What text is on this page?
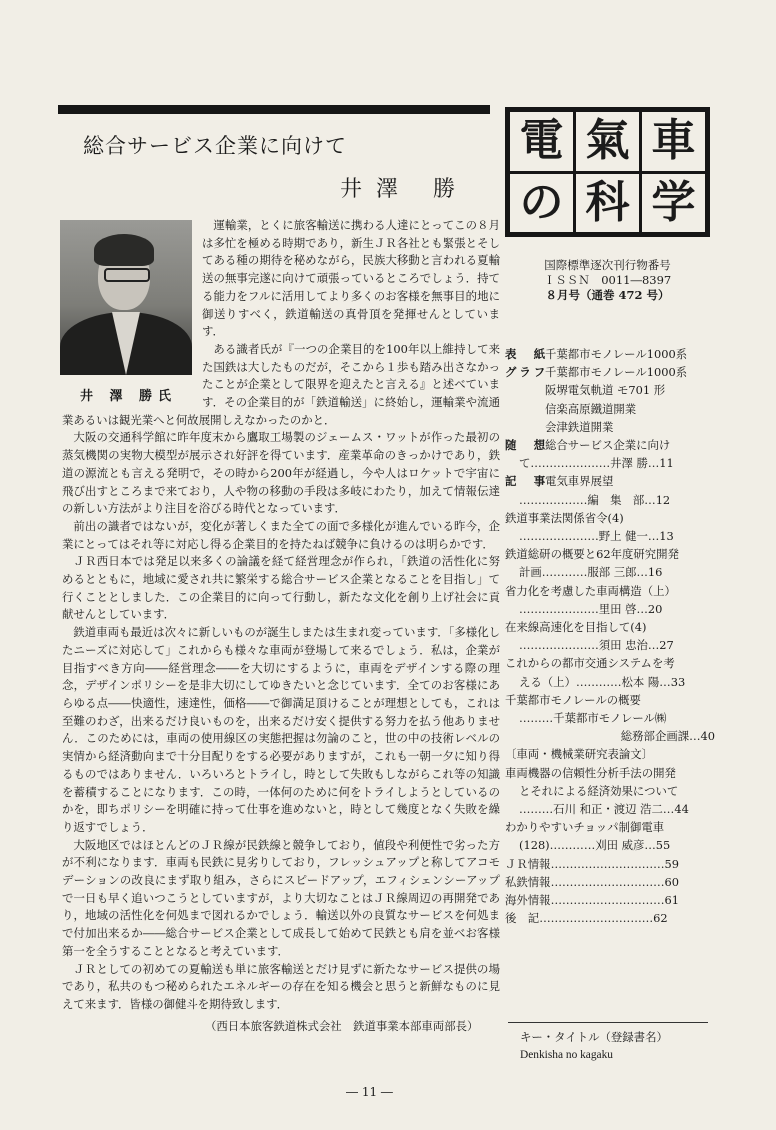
総合サービス企業に向けて
井澤 勝
井 澤 勝氏

運輸業，とくに旅客輸送に携わる人達にとってこの８月は多忙を極める時期であり，新生ＪＲ各社とも緊張とそしてある種の期待を秘めながら，民族大移動と言われる夏輸送の無事完遂に向けて頑張っているところでしょう．持てる能力をフルに活用してより多くのお客様を無事目的地に御送りすべく，鉄道輸送の真骨頂を発揮せんとしています．

ある識者氏が『一つの企業目的を100年以上維持して来た国鉄は大したものだが，そこから１歩も踏み出さなかったことが企業として限界を迎えたと言える』と述べています．その企業目的が「鉄道輸送」に終始し，運輸業や流通業あるいは観光業へと何故展開しえなかったのかと．

大阪の交通科学館に昨年度末から鷹取工場製のジェームス・ワットが作った最初の蒸気機関の実物大模型が展示され好評を得ています．産業革命のきっかけであり，鉄道の源流とも言える発明で，その時から200年が経過し，今や人はロケットで宇宙に飛び出すところまで来ており，人や物の移動の手段は多岐にわたり，加えて情報伝達の新しい方法がより注目を浴びる時代となっています．

前出の識者ではないが，変化が著しくまた全ての面で多様化が進んでいる昨今，企業にとってはそれ等に対応し得る企業目的を持たねば競争に負けるのは明らかです．

ＪＲ西日本では発足以来多くの論議を経て経営理念が作られ，「鉄道の活性化に努めるとともに，地域に愛され共に繁栄する総合サービス企業となることを目指し」て行くこととしました．この企業目的に向って行動し，新たな文化を創り上げ社会に貢献せんとしています．

鉄道車両も最近は次々に新しいものが誕生しまたは生まれ変っています．「多様化したニーズに対応して」これからも様々な車両が登場して来るでしょう．私は，企業が目指すべき方向――経営理念――を大切にするように，車両をデザインする際の理念，デザインポリシーを是非大切にしてゆきたいと念じています．全てのお客様にあらゆる点――快適性，速達性，価格――で御満足頂けることが理想としても，これは至難のわざ，出来るだけ良いものを，出来るだけ安く提供する努力を払う他ありません．このためには，車両の使用線区の実態把握は勿論のこと，世の中の技術レベルの実情から経済動向まで十分目配りをする必要がありますが，これも一朝一夕に知り得るものではありません．いろいろとトライし，時として失敗もしながらこれ等の知識を蓄積することになります．この時，一体何のために何をトライしようとしているのかを，即ちポリシーを明確に持って仕事を進めないと，時として幾度となく失敗を繰り返すでしょう．

大阪地区ではほとんどのＪＲ線が民鉄線と競争しており，値段や利便性で劣った方が不利になります．車両も民鉄に見劣りしており，フレッシュアップと称してアコモデーションの改良にまず取り組み，さらにスピードアップ，エフィシェンシーアップで一日も早く追いつこうとしていますが，より大切なことはＪＲ線周辺の再開発であり，地域の活性化を何処まで図れるかでしょう．輸送以外の良質なサービスを何処まで付加出来るか――総合サービス企業として成長して始めて民鉄とも肩を並べお客様第一を全うすることとなると考えています．

ＪＲとしての初めての夏輸送も単に旅客輸送とだけ見ずに新たなサービス提供の場であり，私共のもつ秘められたエネルギーの存在を知る機会と思うと新鮮なものに見えて来ます．皆様の御健斗を期待致します．

（西日本旅客鉄道株式会社　鉄道事業本部車両部長）
― 11 ―
電 氣 車
の 科 学
国際標準逐次刊行物番号
ＩＳＳＮ　0011―8397
８月号（通巻 472 号）
表　紙
千葉都市モノレール1000系
グラフ
千葉都市モノレール1000系
阪堺電気軌道 モ701 形
信楽高原鐵道開業
会津鉄道開業
随　想
総合サービス企業に向け
て…………………井澤 勝…11
記　事
電気車界展望
………………編　集　部…12
鉄道事業法関係省令(4)
…………………野上 健一…13
鉄道総研の概要と62年度研究開発
計画…………服部 三郎…16
省力化を考慮した車両構造（上）
…………………里田 啓…20
在来線高速化を目指して(4)
…………………須田 忠治…27
これからの都市交通システムを考
える（上）…………松本 陽…33
千葉都市モノレールの概要
………千葉都市モノレール㈱
総務部企画課…40
〔車両・機械業研究表論文〕
車両機器の信頼性分析手法の開発
とそれによる経済効果について
………石川 和正・渡辺 浩二…44
わかりやすいチョッパ制御電車
(128) …………刈田 威彦…55
ＪＲ情報 …………………………59
私鉄情報 …………………………60
海外情報 …………………………61
後　記 …………………………62
キー・タイトル（登録書名）
Denkisha no kagaku
